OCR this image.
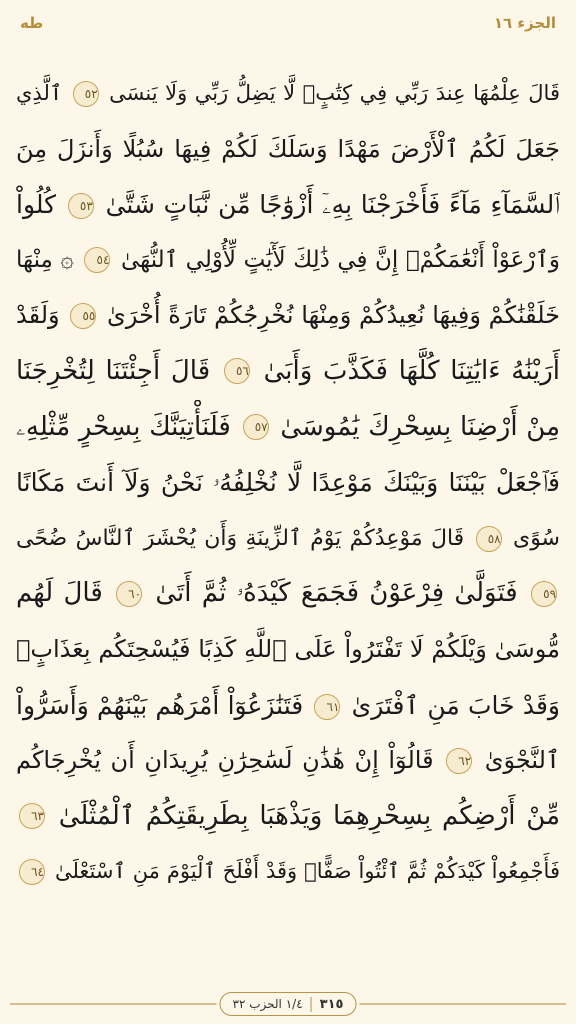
الجزء ١٦
طه
قَالَ عِلْمُهَا عِندَ رَبِّي فِي كِتَٰبٍۖ لَّا يَضِلُّ رَبِّي وَلَا يَنسَى ٥٢ ٱلَّذِي
جَعَلَ لَكُمُ ٱلْأَرْضَ مَهْدًا وَسَلَكَ لَكُمْ فِيهَا سُبُلًا وَأَنزَلَ مِنَ
ٱلسَّمَآءِ مَآءً فَأَخْرَجْنَا بِهِۦٓ أَزْوَٰجًا مِّن نَّبَاتٍ شَتَّىٰ ٥٣ كُلُواْ
وَٱرْعَوْاْ أَنْعَٰمَكُمْۚ إِنَّ فِي ذَٰلِكَ لَأٓيَٰتٍ لِّأُوْلِي ٱلنُّهَىٰ ٥٤ ۞ مِنْهَا
خَلَقْنَٰكُمْ وَفِيهَا نُعِيدُكُمْ وَمِنْهَا نُخْرِجُكُمْ تَارَةً أُخْرَىٰ ٥٥ وَلَقَدْ
أَرَيْنَٰهُ ءَايَٰتِنَا كُلَّهَا فَكَذَّبَ وَأَبَىٰ ٥٦ قَالَ أَجِئْتَنَا لِتُخْرِجَنَا
مِنْ أَرْضِنَا بِسِحْرِكَ يَٰمُوسَىٰ ٥٧ فَلَنَأْتِيَنَّكَ بِسِحْرٍ مِّثْلِهِۦ
فَٱجْعَلْ بَيْنَنَا وَبَيْنَكَ مَوْعِدًا لَّا نُخْلِفُهُۥ نَحْنُ وَلَآ أَنتَ مَكَانًا
سُوًى ٥٨ قَالَ مَوْعِدُكُمْ يَوْمُ ٱلزِّينَةِ وَأَن يُحْشَرَ ٱلنَّاسُ ضُحًى
٥٩ فَتَوَلَّىٰ فِرْعَوْنُ فَجَمَعَ كَيْدَهُۥ ثُمَّ أَتَىٰ ٦٠ قَالَ لَهُم
مُّوسَىٰ وَيْلَكُمْ لَا تَفْتَرُواْ عَلَى ٱللَّهِ كَذِبًا فَيُسْحِتَكُم بِعَذَابٍۖ
وَقَدْ خَابَ مَنِ ٱفْتَرَىٰ ٦١ فَتَنَٰزَعُوٓاْ أَمْرَهُم بَيْنَهُمْ وَأَسَرُّواْ
ٱلنَّجْوَىٰ ٦٢ قَالُوٓاْ إِنْ هَٰذَٰنِ لَسَٰحِرَٰنِ يُرِيدَانِ أَن يُخْرِجَاكُم
مِّنْ أَرْضِكُم بِسِحْرِهِمَا وَيَذْهَبَا بِطَرِيقَتِكُمُ ٱلْمُثْلَىٰ ٦٣
فَأَجْمِعُواْ كَيْدَكُمْ ثُمَّ ٱئْتُواْ صَفًّاۚ وَقَدْ أَفْلَحَ ٱلْيَوْمَ مَنِ ٱسْتَعْلَىٰ ٦٤
١/٤ الحزب ٣٢	٣١٥
